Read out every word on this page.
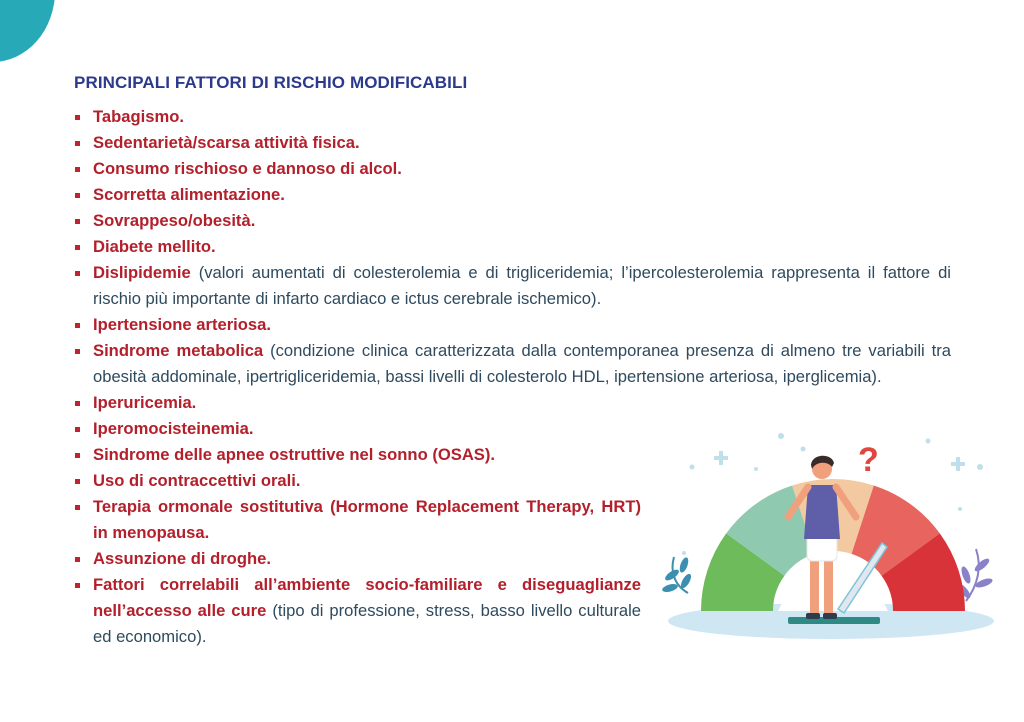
PRINCIPALI FATTORI DI RISCHIO MODIFICABILI
Tabagismo.
Sedentarietà/scarsa attività fisica.
Consumo rischioso e dannoso di alcol.
Scorretta alimentazione.
Sovrappeso/obesità.
Diabete mellito.
Dislipidemie (valori aumentati di colesterolemia e di trigliceridemia; l’ipercolesterolemia rappresenta il fattore di rischio più importante di infarto cardiaco e ictus cerebrale ischemico).
Ipertensione arteriosa.
Sindrome metabolica (condizione clinica caratterizzata dalla contemporanea presenza di almeno tre variabili tra obesità addominale, ipertrigliceridemia, bassi livelli di colesterolo HDL, ipertensione arteriosa, iperglicemia).
Iperuricemia.
Iperomocisteinemia.
Sindrome delle apnee ostruttive nel sonno (OSAS).
Uso di contraccettivi orali.
Terapia ormonale sostitutiva (Hormone Replacement Therapy, HRT) in menopausa.
Assunzione di droghe.
Fattori correlabili all’ambiente socio-familiare e diseguaglianze nell’accesso alle cure (tipo di professione, stress, basso livello culturale ed economico).
?
